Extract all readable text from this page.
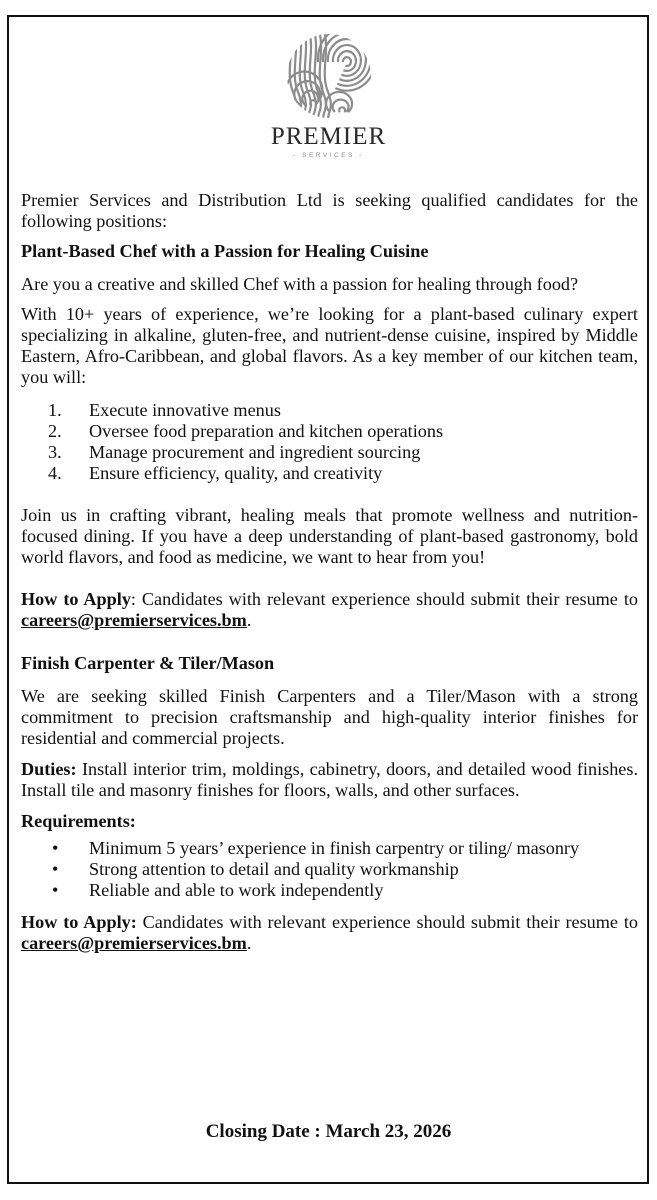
PREMIER
- SERVICES -

Premier Services and Distribution Ltd is seeking qualified candidates for the following positions:

Plant-Based Chef with a Passion for Healing Cuisine

Are you a creative and skilled Chef with a passion for healing through food?

With 10+ years of experience, we’re looking for a plant-based culinary expert specializing in alkaline, gluten-free, and nutrient-dense cuisine, inspired by Middle Eastern, Afro-Caribbean, and global flavors. As a key member of our kitchen team, you will:

1. Execute innovative menus
2. Oversee food preparation and kitchen operations
3. Manage procurement and ingredient sourcing
4. Ensure efficiency, quality, and creativity

Join us in crafting vibrant, healing meals that promote wellness and nutrition-focused dining. If you have a deep understanding of plant-based gastronomy, bold world flavors, and food as medicine, we want to hear from you!

How to Apply: Candidates with relevant experience should submit their resume to careers@premierservices.bm.

Finish Carpenter & Tiler/Mason

We are seeking skilled Finish Carpenters and a Tiler/Mason with a strong commitment to precision craftsmanship and high-quality interior finishes for residential and commercial projects.

Duties: Install interior trim, moldings, cabinetry, doors, and detailed wood finishes. Install tile and masonry finishes for floors, walls, and other surfaces.

Requirements:

• Minimum 5 years’ experience in finish carpentry or tiling/ masonry
• Strong attention to detail and quality workmanship
• Reliable and able to work independently

How to Apply: Candidates with relevant experience should submit their resume to careers@premierservices.bm.

Closing Date : March 23, 2026
